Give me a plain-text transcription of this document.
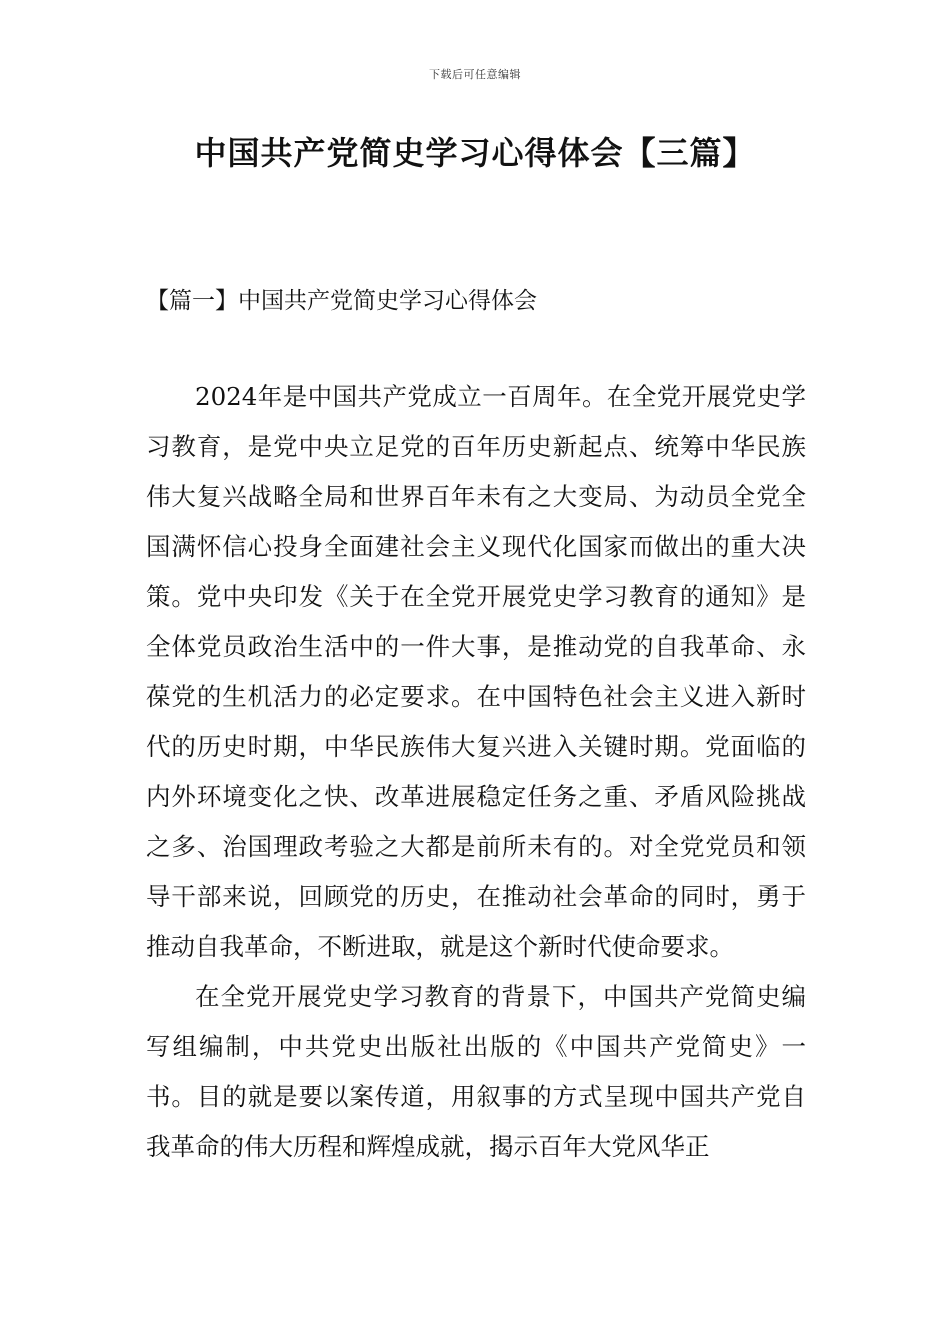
下载后可任意编辑
中国共产党简史学习心得体会【三篇】
【篇一】中国共产党简史学习心得体会

2024年是中国共产党成立一百周年。在全党开展党史学习教育，是党中央立足党的百年历史新起点、统筹中华民族伟大复兴战略全局和世界百年未有之大变局、为动员全党全国满怀信心投身全面建社会主义现代化国家而做出的重大决策。党中央印发《关于在全党开展党史学习教育的通知》是全体党员政治生活中的一件大事，是推动党的自我革命、永葆党的生机活力的必定要求。在中国特色社会主义进入新时代的历史时期，中华民族伟大复兴进入关键时期。党面临的内外环境变化之快、改革进展稳定任务之重、矛盾风险挑战之多、治国理政考验之大都是前所未有的。对全党党员和领导干部来说，回顾党的历史，在推动社会革命的同时，勇于推动自我革命，不断进取，就是这个新时代使命要求。

在全党开展党史学习教育的背景下，中国共产党简史编写组编制，中共党史出版社出版的《中国共产党简史》一书。目的就是要以案传道，用叙事的方式呈现中国共产党自我革命的伟大历程和辉煌成就，揭示百年大党风华正
